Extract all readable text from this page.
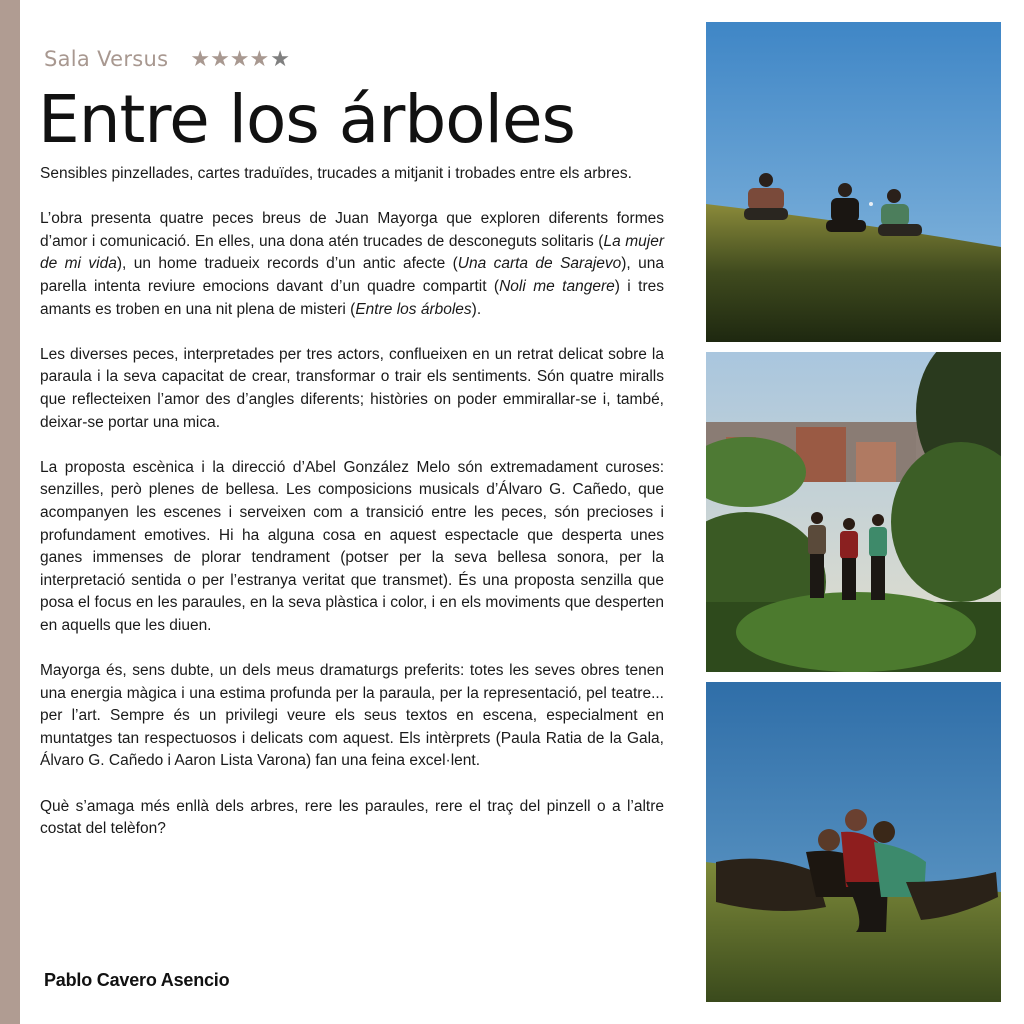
Sala Versus ★★★★ ★
Entre los árboles

Sensibles pinzellades, cartes traduïdes, trucades a mitjanit i trobades entre els arbres.

L’obra presenta quatre peces breus de Juan Mayorga que exploren diferents formes d’amor i comunicació. En elles, una dona atén trucades de desconeguts solitaris (La mujer de mi vida), un home tradueix records d’un antic afecte (Una carta de Sarajevo), una parella intenta reviure emocions davant d’un quadre compartit (Noli me tangere) i tres amants es troben en una nit plena de misteri (Entre los árboles).

Les diverses peces, interpretades per tres actors, conflueixen en un retrat delicat sobre la paraula i la seva capacitat de crear, transformar o trair els sentiments. Són quatre miralls que reflecteixen l’amor des d’angles diferents; històries on poder emmirallar-se i, també, deixar-se portar una mica.

La proposta escènica i la direcció d’Abel González Melo són extremadament curoses: senzilles, però plenes de bellesa. Les composicions musicals d’Álvaro G. Cañedo, que acompanyen les escenes i serveixen com a transició entre les peces, són precioses i profundament emotives. Hi ha alguna cosa en aquest espectacle que desperta unes ganes immenses de plorar tendrament (potser per la seva bellesa sonora, per la interpretació sentida o per l’estranya veritat que transmet). És una proposta senzilla que posa el focus en les paraules, en la seva plàstica i color, i en els moviments que desperten en aquells que les diuen.

Mayorga és, sens dubte, un dels meus dramaturgs preferits: totes les seves obres tenen una energia màgica i una estima profunda per la paraula, per la representació, pel teatre... per l’art. Sempre és un privilegi veure els seus textos en escena, especialment en muntatges tan respectuosos i delicats com aquest. Els intèrprets (Paula Ratia de la Gala, Álvaro G. Cañedo i Aaron Lista Varona) fan una feina excel·lent.

Què s’amaga més enllà dels arbres, rere les paraules, rere el traç del pinzell o a l’altre costat del telèfon?

Pablo Cavero Asencio
